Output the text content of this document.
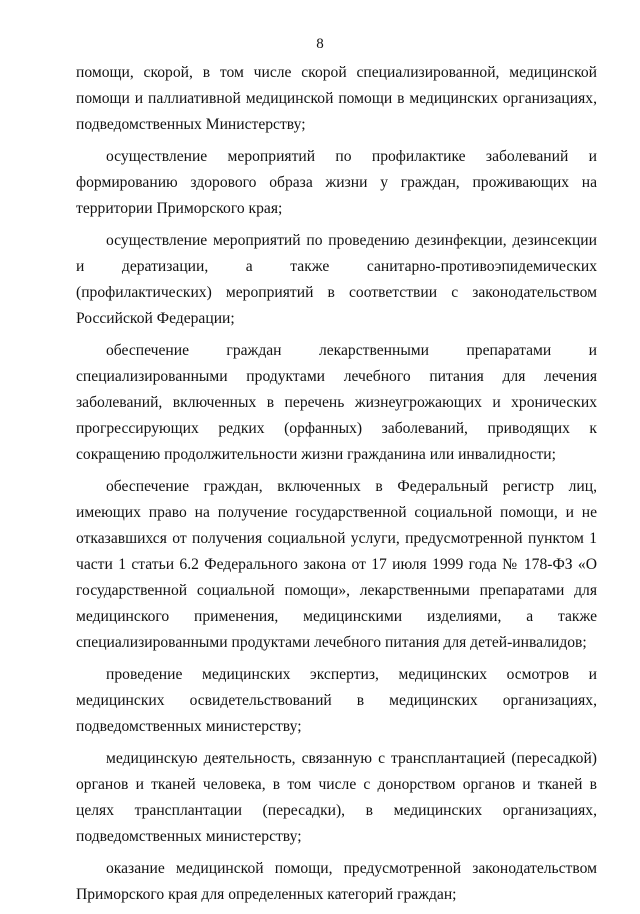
8

помощи, скорой, в том числе скорой специализированной, медицинской помощи и паллиативной медицинской помощи в медицинских организациях, подведомственных Министерству;

осуществление мероприятий по профилактике заболеваний и формированию здорового образа жизни у граждан, проживающих на территории Приморского края;

осуществление мероприятий по проведению дезинфекции, дезинсекции и дератизации, а также санитарно-противоэпидемических (профилактических) мероприятий в соответствии с законодательством Российской Федерации;

обеспечение граждан лекарственными препаратами и специализированными продуктами лечебного питания для лечения заболеваний, включенных в перечень жизнеугрожающих и хронических прогрессирующих редких (орфанных) заболеваний, приводящих к сокращению продолжительности жизни гражданина или инвалидности;

обеспечение граждан, включенных в Федеральный регистр лиц, имеющих право на получение государственной социальной помощи, и не отказавшихся от получения социальной услуги, предусмотренной пунктом 1 части 1 статьи 6.2 Федерального закона от 17 июля 1999 года № 178-ФЗ «О государственной социальной помощи», лекарственными препаратами для медицинского применения, медицинскими изделиями, а также специализированными продуктами лечебного питания для детей-инвалидов;

проведение медицинских экспертиз, медицинских осмотров и медицинских освидетельствований в медицинских организациях, подведомственных министерству;

медицинскую деятельность, связанную с трансплантацией (пересадкой) органов и тканей человека, в том числе с донорством органов и тканей в целях трансплантации (пересадки), в медицинских организациях, подведомственных министерству;

оказание медицинской помощи, предусмотренной законодательством Приморского края для определенных категорий граждан;
